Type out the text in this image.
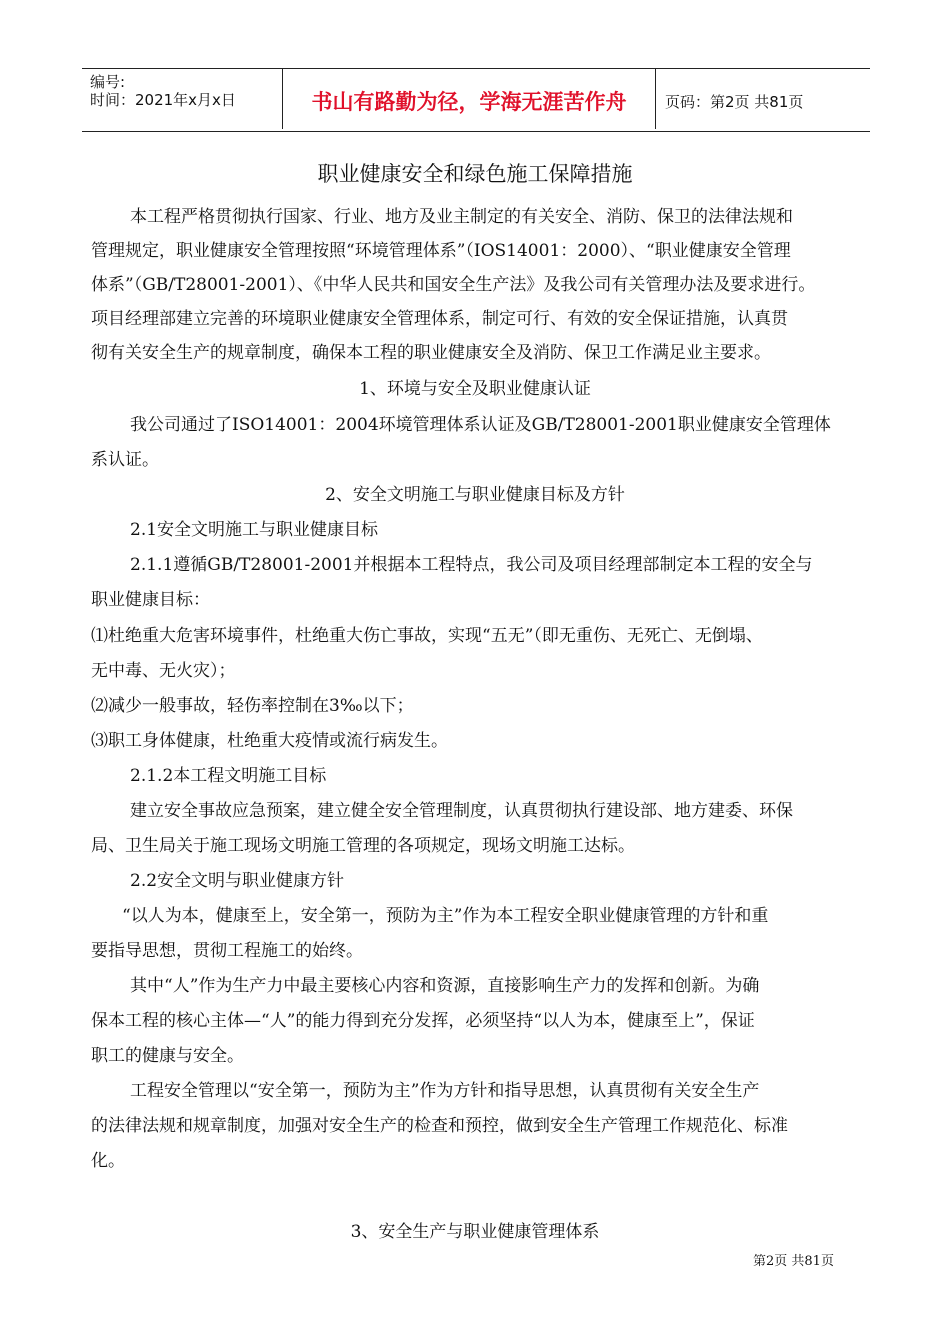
编号:
时间：2021年x月x日	书山有路勤为径，学海无涯苦作舟	页码：第2页 共81页
职业健康安全和绿色施工保障措施
本工程严格贯彻执行国家、行业、地方及业主制定的有关安全、消防、保卫的法律法规和
管理规定，职业健康安全管理按照“环境管理体系”（IOS14001：2000）、“职业健康安全管理
体系”（GB/T28001-2001）、《中华人民共和国安全生产法》及我公司有关管理办法及要求进行。
项目经理部建立完善的环境职业健康安全管理体系，制定可行、有效的安全保证措施，认真贯
彻有关安全生产的规章制度，确保本工程的职业健康安全及消防、保卫工作满足业主要求。
1、环境与安全及职业健康认证
我公司通过了ISO14001：2004环境管理体系认证及GB/T28001-2001职业健康安全管理体
系认证。
2、安全文明施工与职业健康目标及方针
2.1安全文明施工与职业健康目标
2.1.1遵循GB/T28001-2001并根据本工程特点，我公司及项目经理部制定本工程的安全与
职业健康目标：
⑴杜绝重大危害环境事件，杜绝重大伤亡事故，实现“五无”（即无重伤、无死亡、无倒塌、
无中毒、无火灾）；
⑵减少一般事故，轻伤率控制在3‰以下；
⑶职工身体健康，杜绝重大疫情或流行病发生。
2.1.2本工程文明施工目标
建立安全事故应急预案，建立健全安全管理制度，认真贯彻执行建设部、地方建委、环保
局、卫生局关于施工现场文明施工管理的各项规定，现场文明施工达标。
2.2安全文明与职业健康方针
“以人为本，健康至上，安全第一，预防为主”作为本工程安全职业健康管理的方针和重
要指导思想，贯彻工程施工的始终。
其中“人”作为生产力中最主要核心内容和资源，直接影响生产力的发挥和创新。为确
保本工程的核心主体—“人”的能力得到充分发挥，必须坚持“以人为本，健康至上”，保证
职工的健康与安全。
工程安全管理以“安全第一，预防为主”作为方针和指导思想，认真贯彻有关安全生产
的法律法规和规章制度，加强对安全生产的检查和预控，做到安全生产管理工作规范化、标准
化。
3、安全生产与职业健康管理体系
第2页 共81页
